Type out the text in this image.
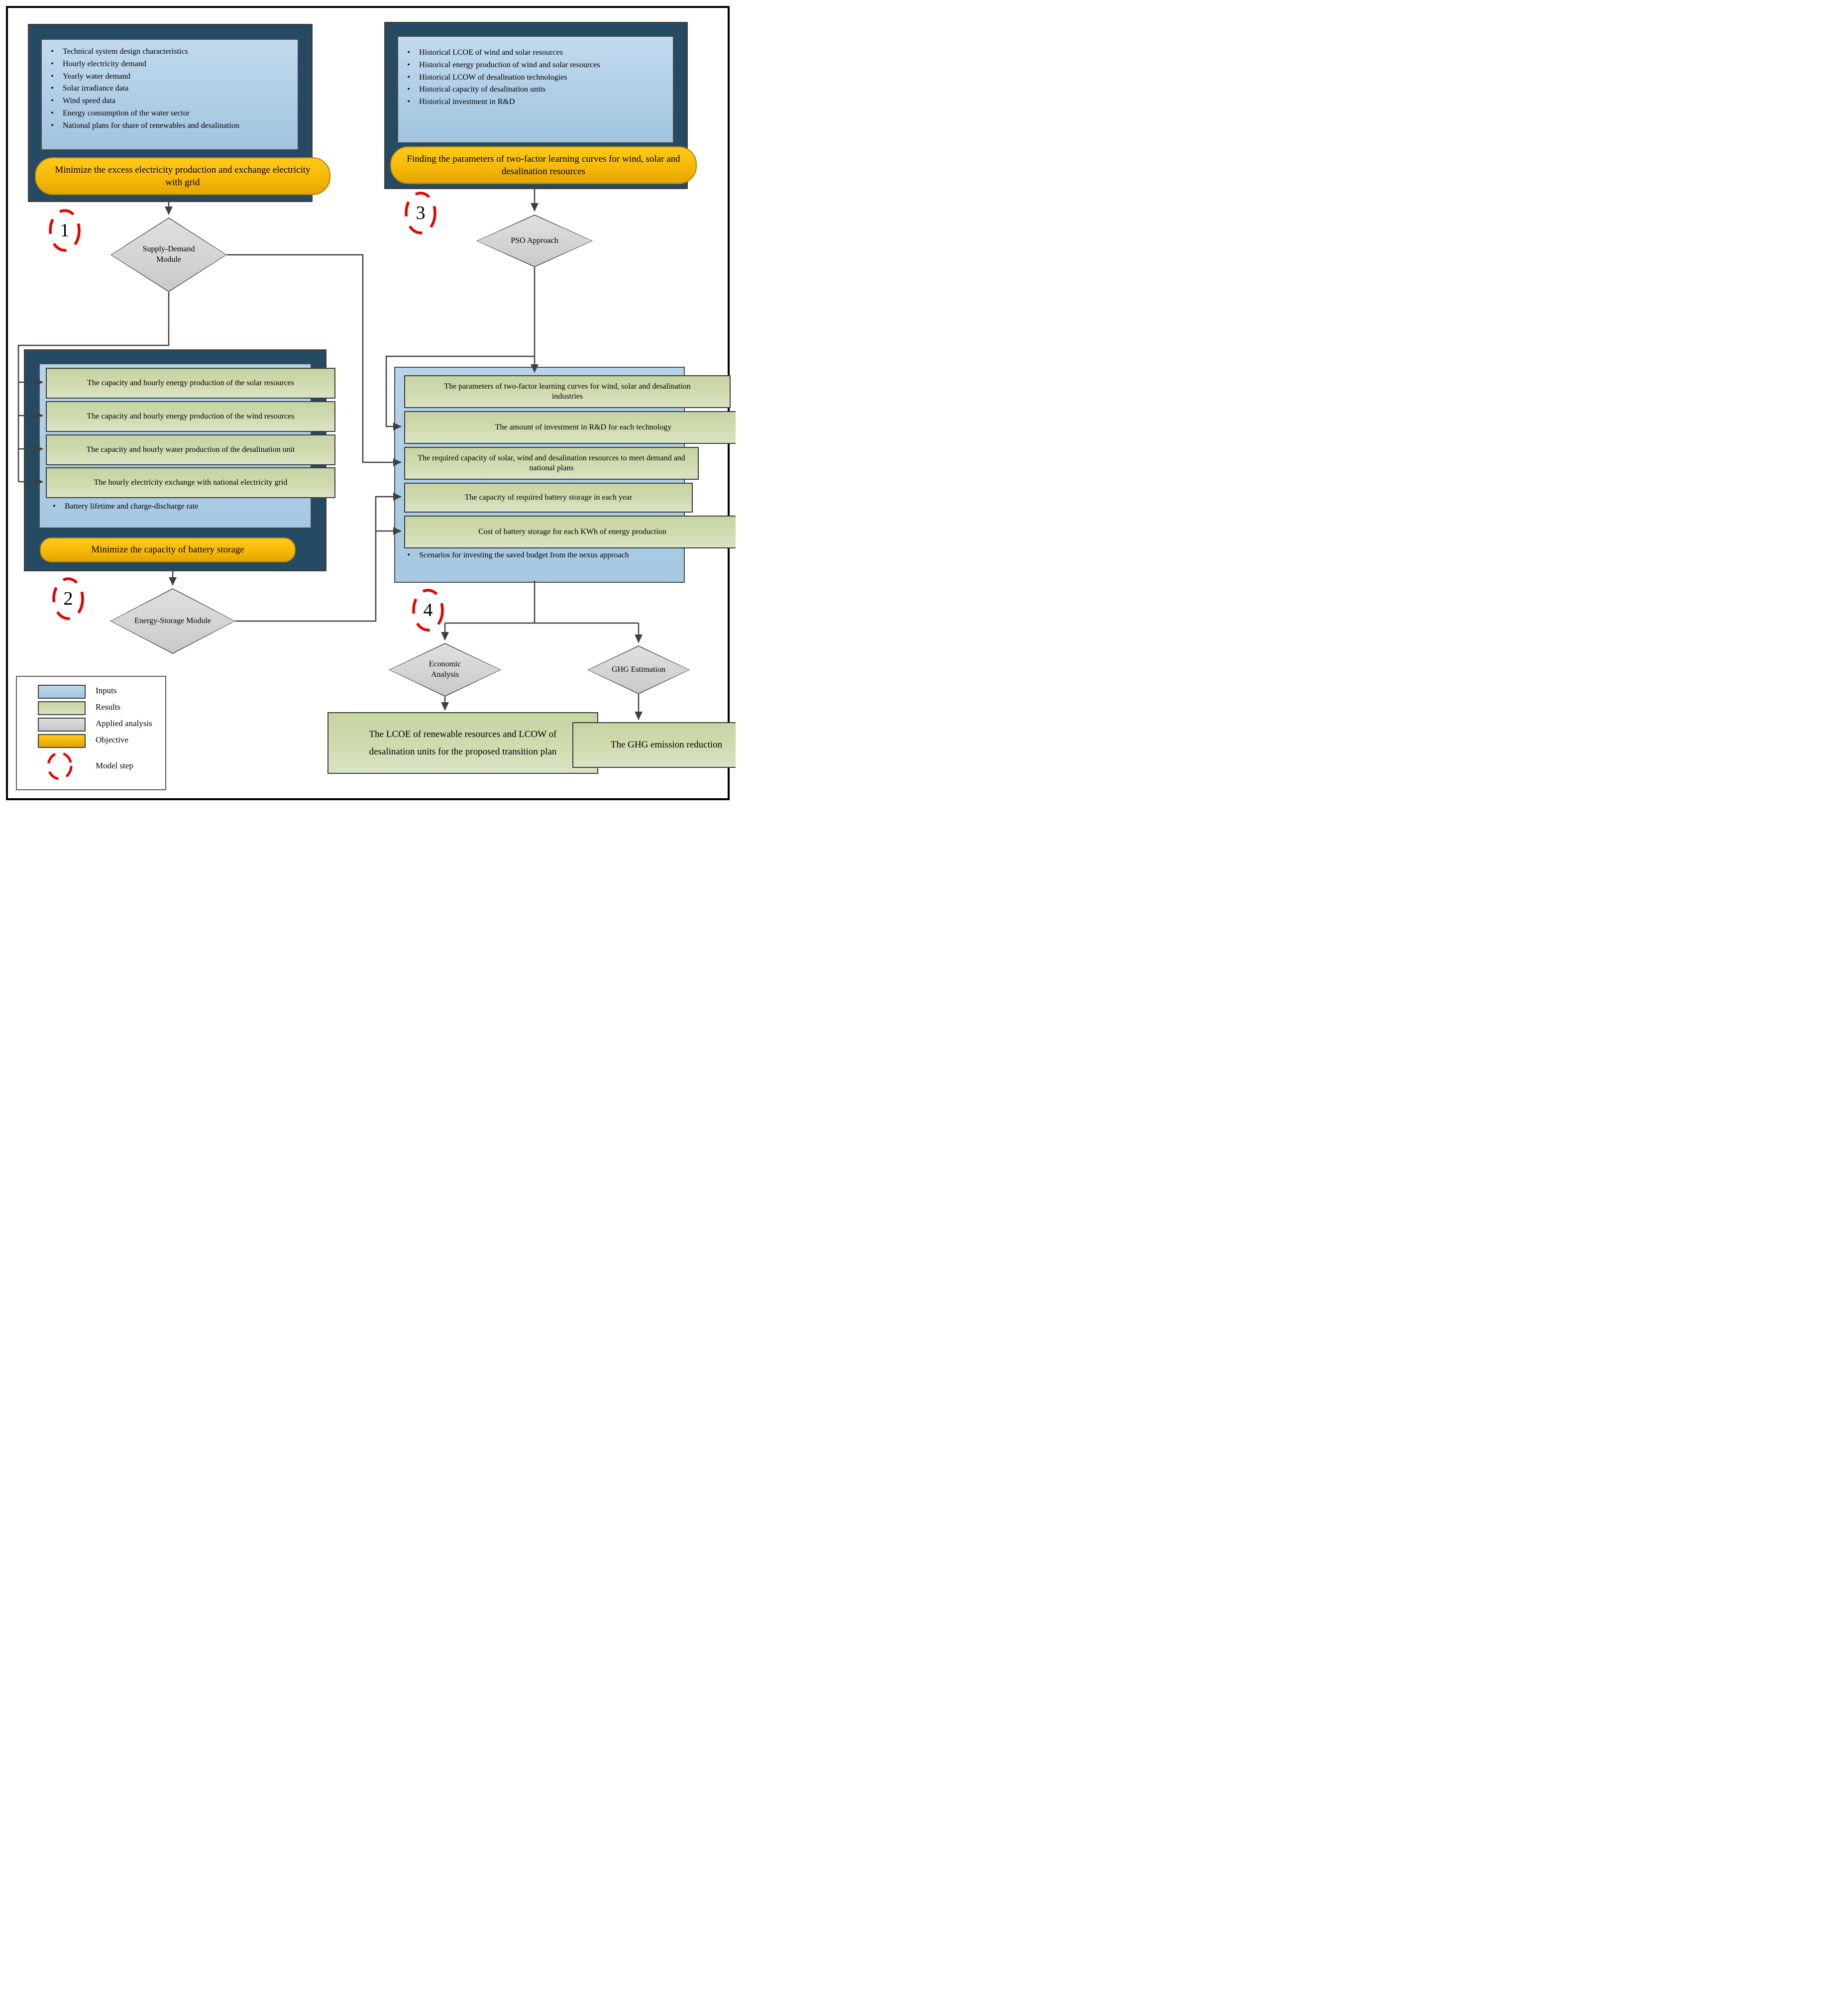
•	Technical system design characteristics
•	Hourly electricity demand
•	Yearly water demand
•	Solar irradiance data
•	Wind speed data
•	Energy consumption of the water sector
•	National plans for share of renewables and desalination
Minimize the excess electricity production and exchange electricity with grid
1
Supply-Demand Module
•	Historical LCOE of wind and solar resources
•	Historical energy production of wind and solar resources
•	Historical LCOW of desalination technologies
•	Historical capacity of desalination units
•	Historical investment in R&D
Finding the parameters of two-factor learning curves for wind, solar and desalination resources
3
PSO Approach
The capacity and hourly energy production of the solar resources
The capacity and hourly energy production of the wind resources
The capacity and hourly water production of the desalination unit
The hourly electricity exchange with national electricity grid
•	Battery lifetime and charge-discharge rate
Minimize the capacity of battery storage
2
Energy-Storage Module
The parameters of two-factor learning curves for wind, solar and desalination industries
The amount of investment in R&D for each technology
The required capacity of solar, wind and desalination resources to meet demand and national plans
The capacity of required battery storage in each year
Cost of battery storage for each KWh of energy production
•	Scenarios for investing the saved budget from the nexus approach
4
Economic Analysis
GHG Estimation
The LCOE of renewable resources and LCOW of desalination units for the proposed transition plan
The GHG emission reduction
Inputs
Results
Applied analysis
Objective
Model step
